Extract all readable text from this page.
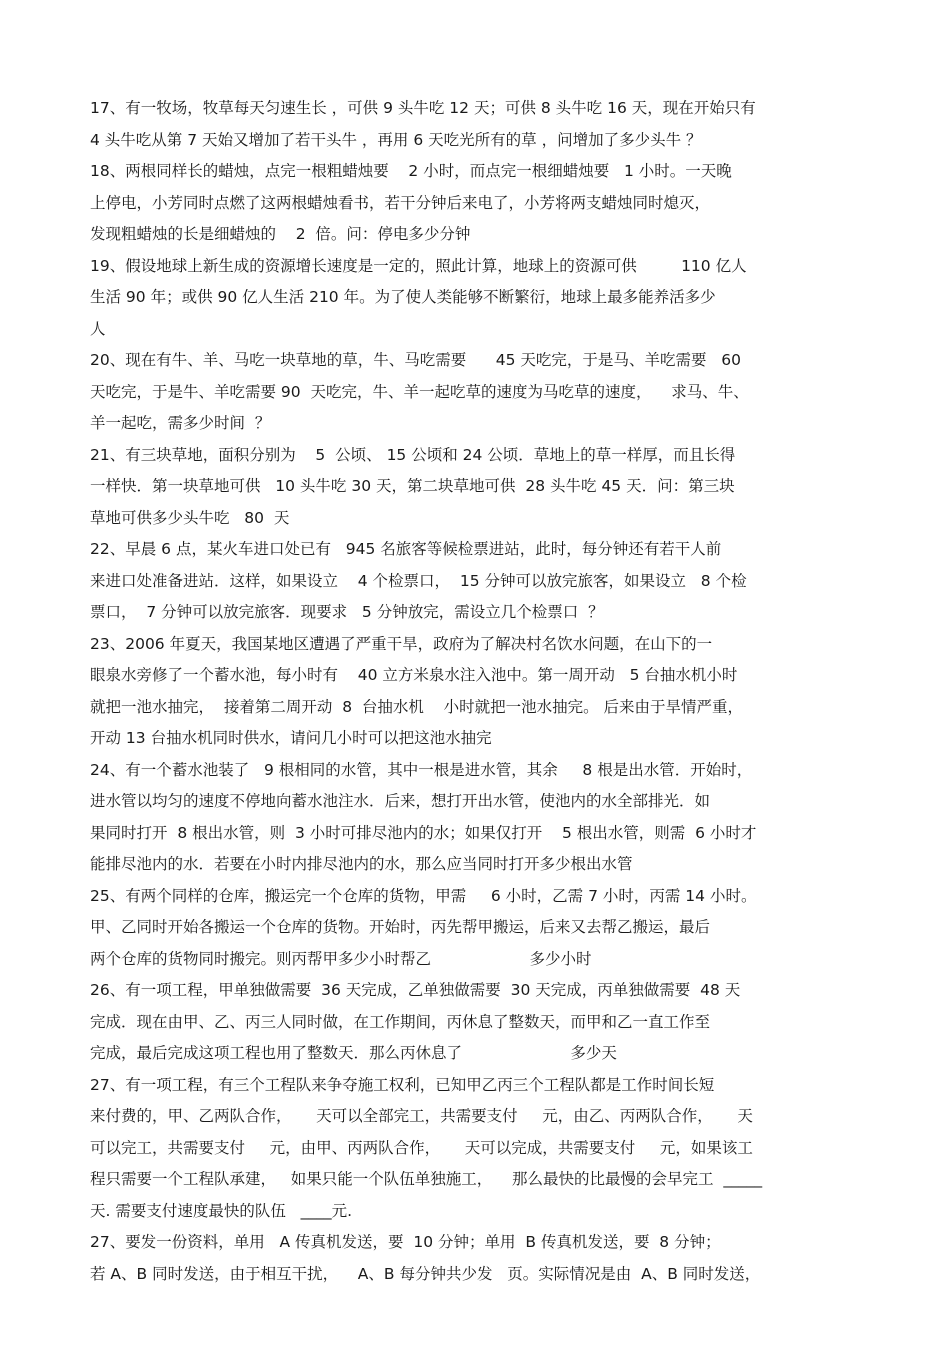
17、有一牧场，牧草每天匀速生长 ，可供 9 头牛吃 12 天；可供 8 头牛吃 16 天，现在开始只有
4 头牛吃从第 7 天始又增加了若干头牛 ，再用 6 天吃光所有的草 ，问增加了多少头牛 ？
18、两根同样长的蜡烛，点完一根粗蜡烛要    2 小时，而点完一根细蜡烛要   1 小时。一天晚
上停电，小芳同时点燃了这两根蜡烛看书，若干分钟后来电了，小芳将两支蜡烛同时熄灭，
发现粗蜡烛的长是细蜡烛的    2  倍。问：停电多少分钟
19、假设地球上新生成的资源增长速度是一定的，照此计算，地球上的资源可供         110 亿人
生活 90 年；或供 90 亿人生活 210 年。为了使人类能够不断繁衍，地球上最多能养活多少
人
20、现在有牛、羊、马吃一块草地的草，牛、马吃需要      45 天吃完，于是马、羊吃需要   60
天吃完，于是牛、羊吃需要 90  天吃完，牛、羊一起吃草的速度为马吃草的速度，    求马、牛、
羊一起吃，需多少时间  ？
21、有三块草地，面积分别为    5  公顷、 15 公顷和 24 公顷．草地上的草一样厚，而且长得
一样快．第一块草地可供   10 头牛吃 30 天，第二块草地可供  28 头牛吃 45 天．问：第三块
草地可供多少头牛吃   80  天
22、早晨 6 点，某火车进口处已有   945 名旅客等候检票进站，此时，每分钟还有若干人前
来进口处准备进站．这样，如果设立    4 个检票口，  15 分钟可以放完旅客，如果设立   8 个检
票口，  7 分钟可以放完旅客．现要求   5 分钟放完，需设立几个检票口  ？
23、2006 年夏天，我国某地区遭遇了严重干旱，政府为了解决村名饮水问题，在山下的一
眼泉水旁修了一个蓄水池，每小时有    40 立方米泉水注入池中。第一周开动   5 台抽水机小时
就把一池水抽完，  接着第二周开动  8  台抽水机    小时就把一池水抽完。 后来由于旱情严重，
开动 13 台抽水机同时供水，请问几小时可以把这池水抽完
24、有一个蓄水池装了   9 根相同的水管，其中一根是进水管，其余     8 根是出水管．开始时，
进水管以均匀的速度不停地向蓄水池注水．后来，想打开出水管，使池内的水全部排光．如
果同时打开  8 根出水管，则  3 小时可排尽池内的水；如果仅打开    5 根出水管，则需  6 小时才
能排尽池内的水．若要在小时内排尽池内的水，那么应当同时打开多少根出水管
25、有两个同样的仓库，搬运完一个仓库的货物，甲需     6 小时，乙需 7 小时，丙需 14 小时。
甲、乙同时开始各搬运一个仓库的货物。开始时，丙先帮甲搬运，后来又去帮乙搬运，最后
两个仓库的货物同时搬完。则丙帮甲多少小时帮乙                    多少小时
26、有一项工程，甲单独做需要  36 天完成，乙单独做需要  30 天完成，丙单独做需要  48 天
完成．现在由甲、乙、丙三人同时做，在工作期间，丙休息了整数天，而甲和乙一直工作至
完成，最后完成这项工程也用了整数天．那么丙休息了                      多少天
27、有一项工程，有三个工程队来争夺施工权利，已知甲乙丙三个工程队都是工作时间长短
来付费的，甲、乙两队合作，     天可以全部完工，共需要支付     元，由乙、丙两队合作，     天
可以完工，共需要支付     元，由甲、丙两队合作，     天可以完成，共需要支付     元，如果该工
程只需要一个工程队承建，   如果只能一个队伍单独施工，    那么最快的比最慢的会早完工  _____
天. 需要支付速度最快的队伍   ____元.
27、要发一份资料，单用   A 传真机发送，要  10 分钟；单用  B 传真机发送，要  8 分钟；
若 A、B 同时发送，由于相互干扰，    A、B 每分钟共少发   页。实际情况是由  A、B 同时发送，
